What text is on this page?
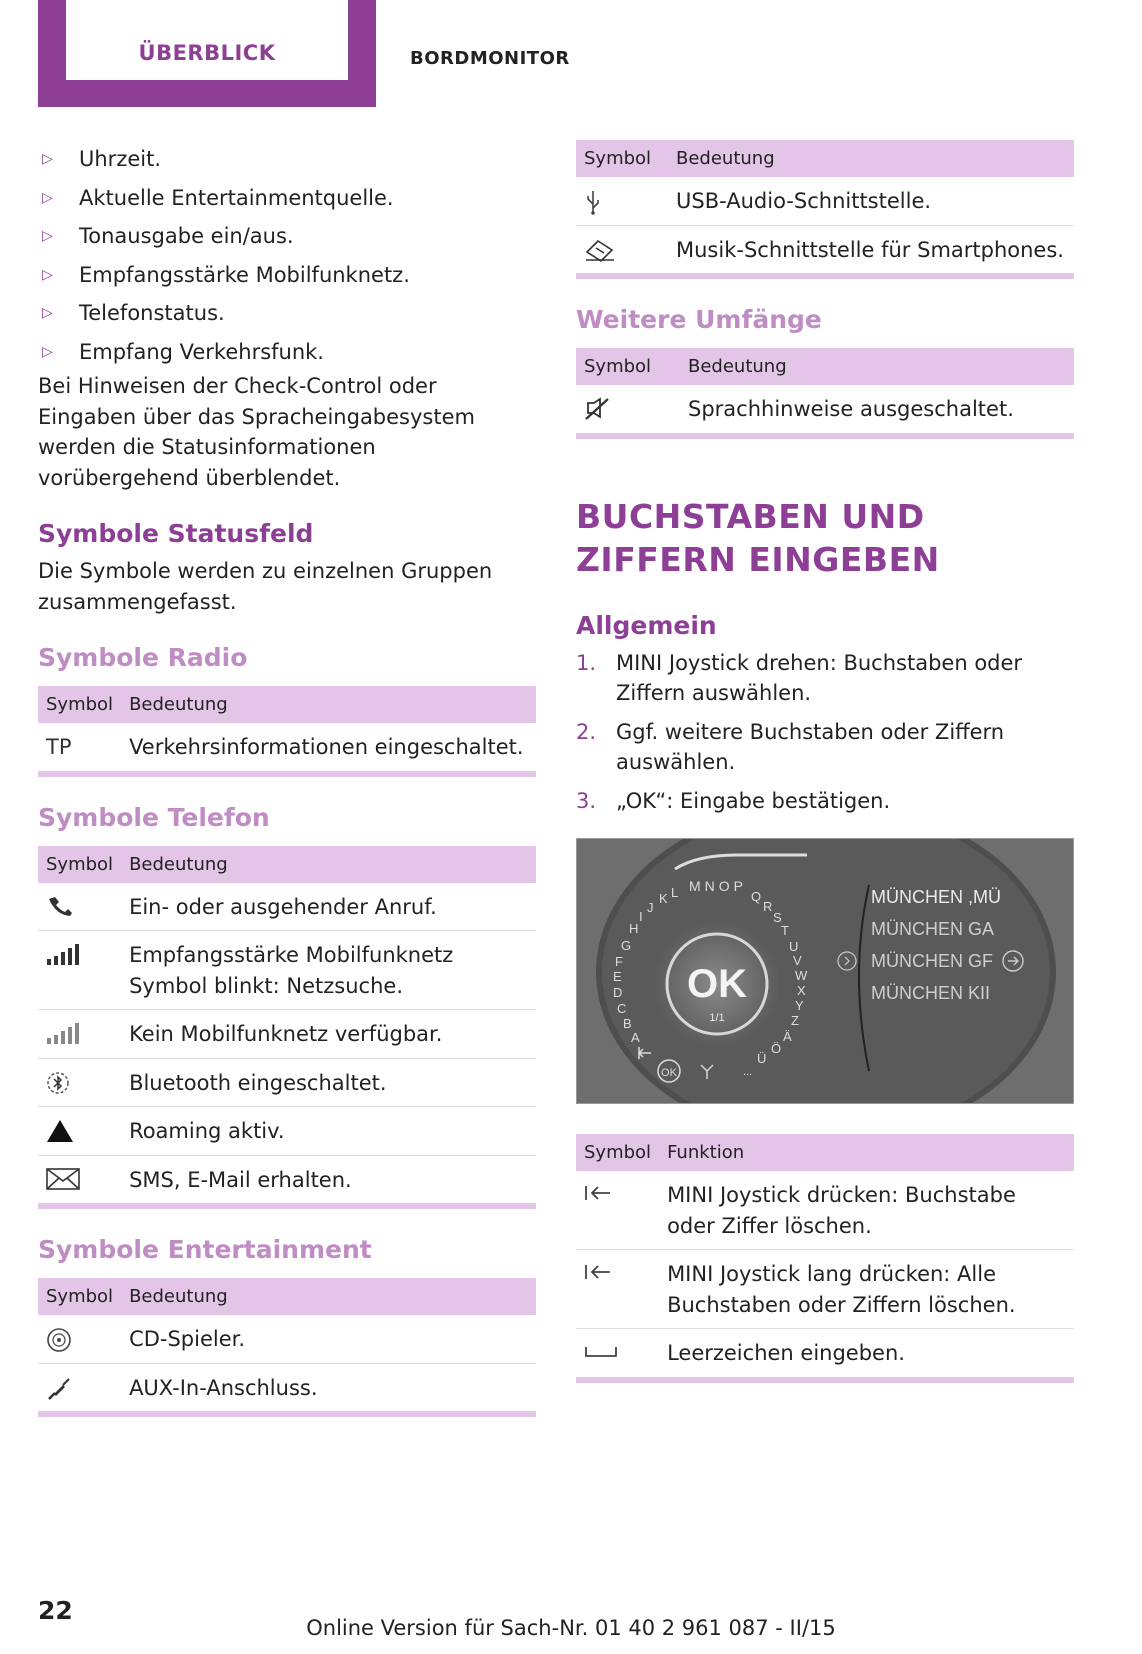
ÜBERBLICK	BORDMONITOR
▷ Uhrzeit.
▷ Aktuelle Entertainmentquelle.
▷ Tonausgabe ein/aus.
▷ Empfangsstärke Mobilfunknetz.
▷ Telefonstatus.
▷ Empfang Verkehrsfunk.

Bei Hinweisen der Check-Control oder Eingaben über das Spracheingabesystem werden die Statusinformationen vorübergehend überblendet.

Symbole Statusfeld

Die Symbole werden zu einzelnen Gruppen zusammengefasst.

Symbole Radio
Symbol	Bedeutung
TP	Verkehrsinformationen eingeschaltet.
Symbole Telefon
Symbol	Bedeutung

	Ein- oder ausgehender Anruf.

	Empfangsstärke Mobilfunknetz Symbol blinkt: Netzsuche.

	Kein Mobilfunknetz verfügbar.

	Bluetooth eingeschaltet.

	Roaming aktiv.

	SMS, E-Mail erhalten.
Symbole Entertainment
Symbol	Bedeutung

	CD-Spieler.

	AUX-In-Anschluss.
Symbol	Bedeutung

	USB-Audio-Schnittstelle.

	Musik-Schnittstelle für Smartphones.
Weitere Umfänge
Symbol	Bedeutung

	Sprachhinweise ausgeschaltet.
BUCHSTABEN UND ZIFFERN EINGEBEN
Allgemein
1. MINI Joystick drehen: Buchstaben oder Ziffern auswählen.
2. Ggf. weitere Buchstaben oder Ziffern auswählen.
3. „OK“: Eingabe bestätigen.
OK
1/1
MNOP
L
K
J
I
H
G
F
E
D
C
B
A
Q
R
S
T
U
V
W
X
Y
Z
Ä
Ö
Ü
OK	...
MÜNCHEN ,MÜ
MÜNCHEN GA
MÜNCHEN GF
MÜNCHEN KII
Symbol	Funktion

	MINI Joystick drücken: Buchstabe oder Ziffer löschen.

	MINI Joystick lang drücken: Alle Buchstaben oder Ziffern löschen.

	Leerzeichen eingeben.
22
Online Version für Sach-Nr. 01 40 2 961 087 - II/15
